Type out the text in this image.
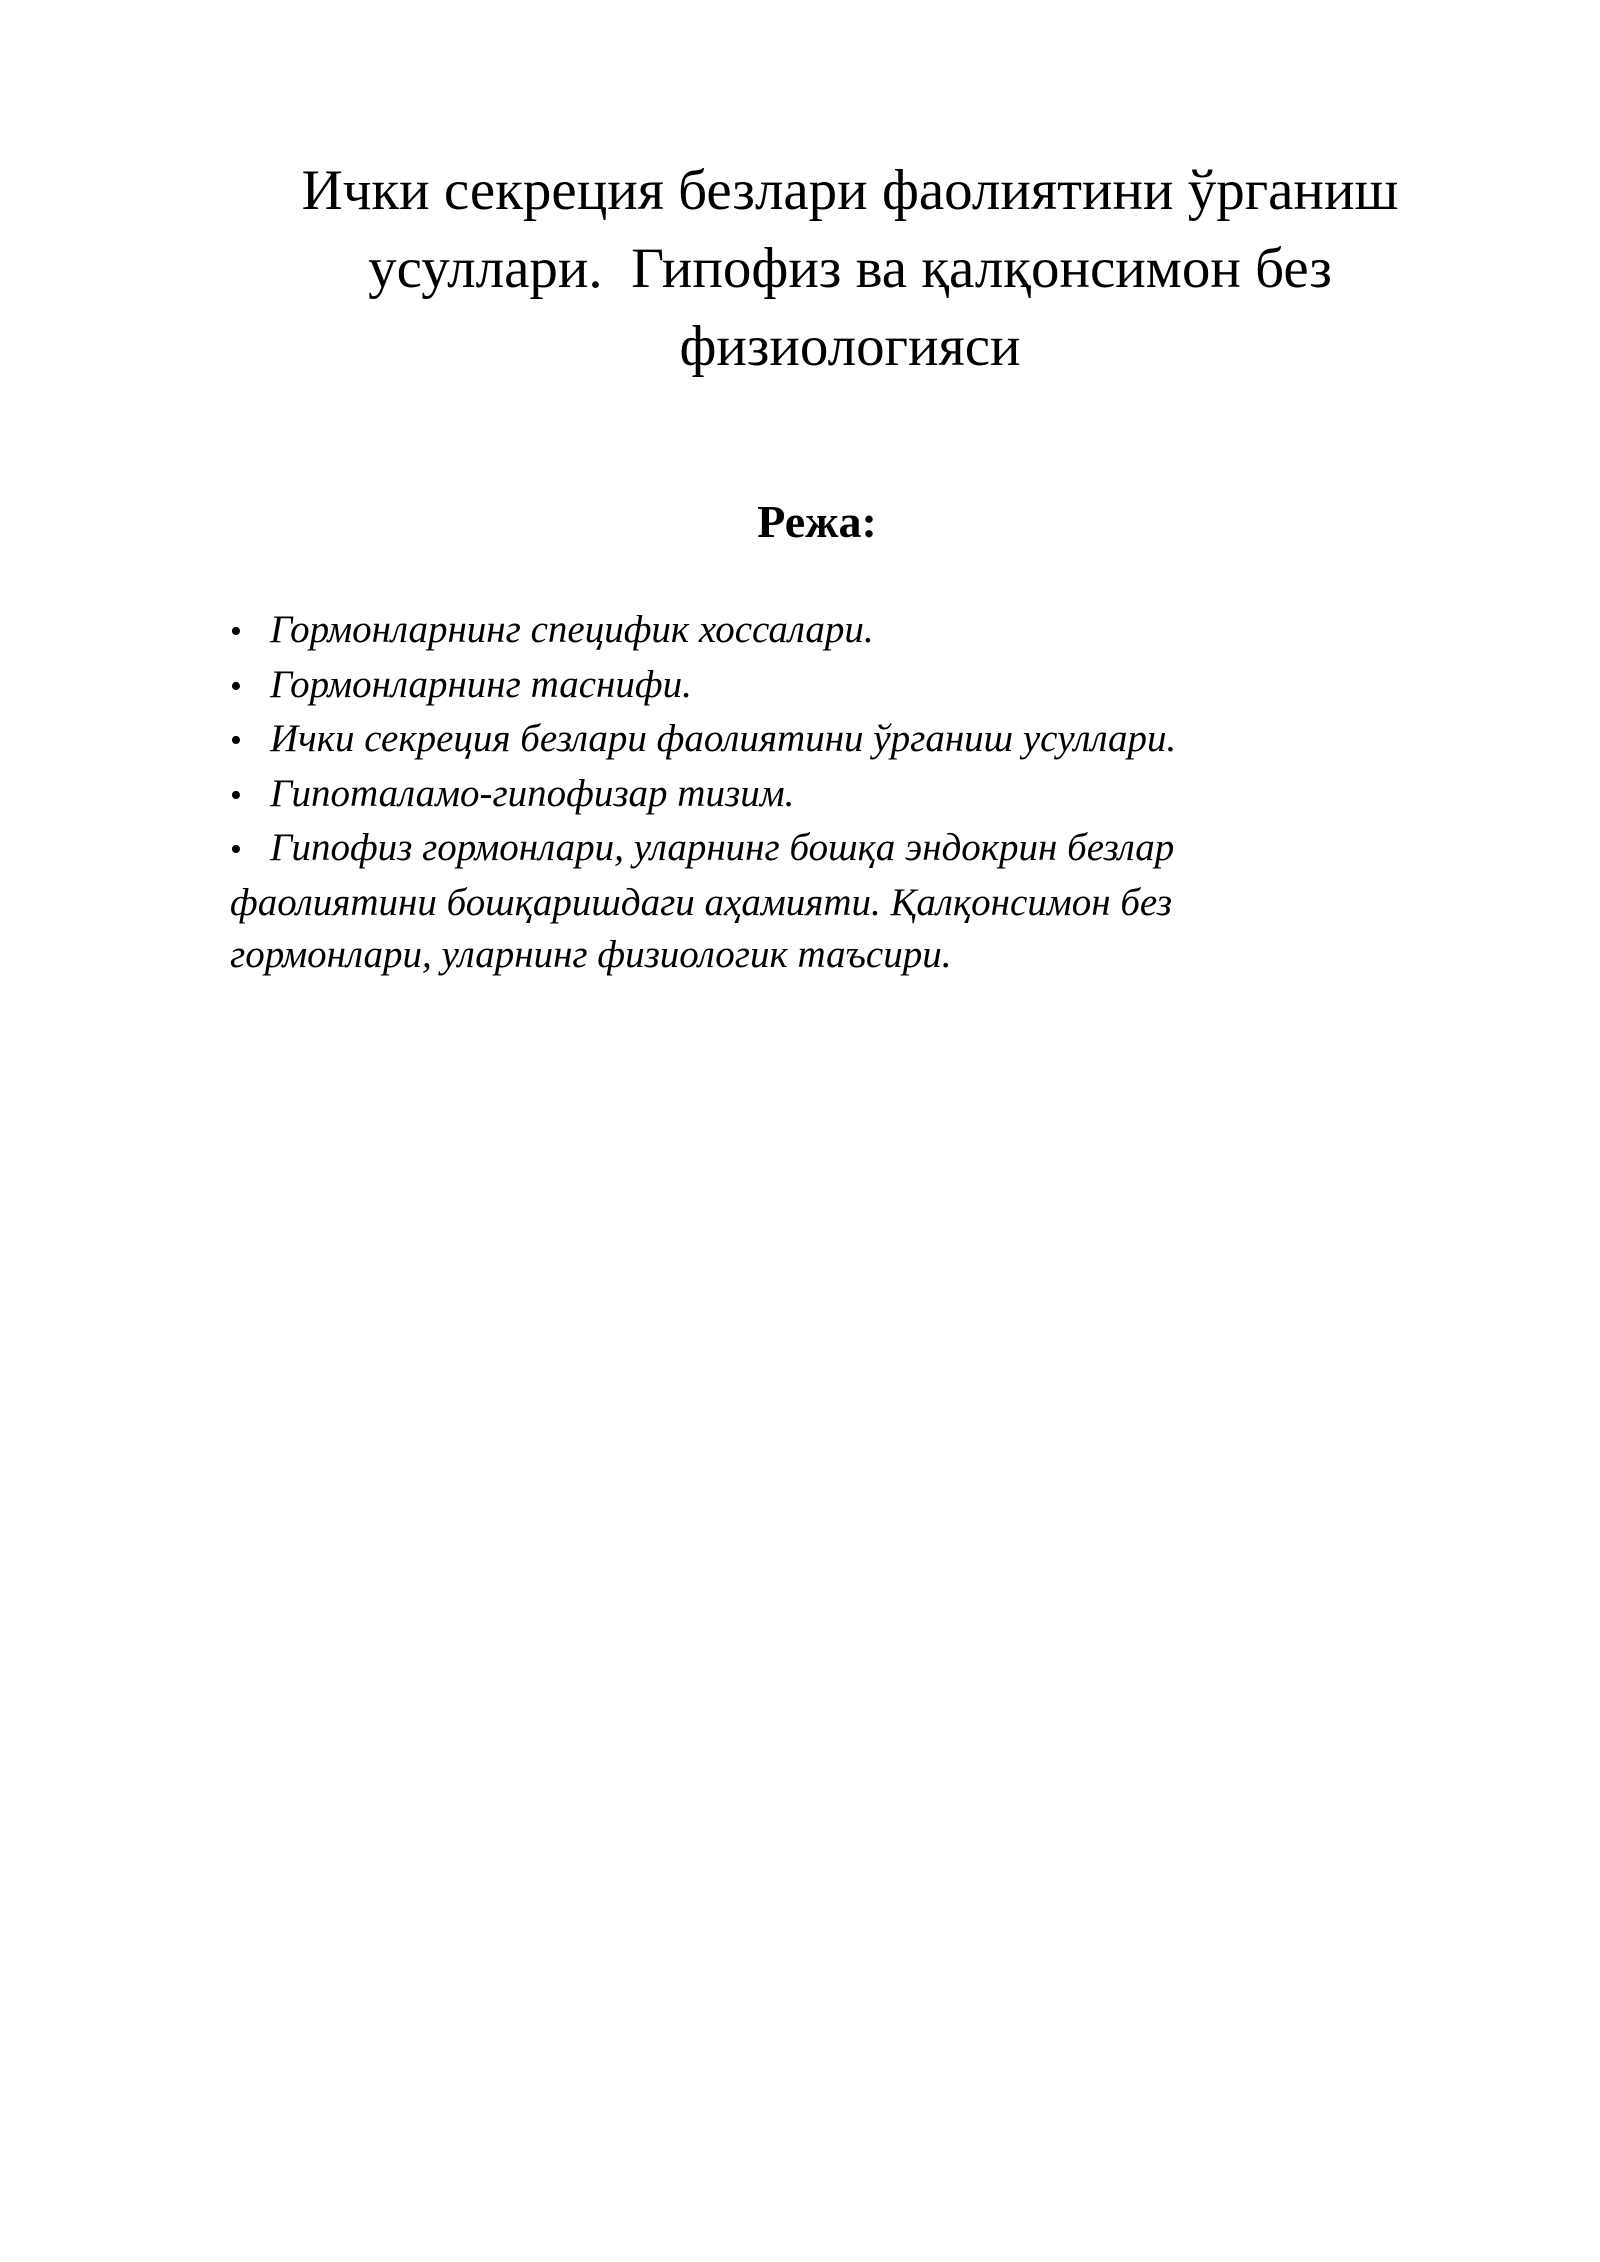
Ички секреция безлари фаолиятини ўрганиш
усуллари.  Гипофиз ва қалқонсимон без
физиологияси
Режа:
• Гормонларнинг специфик хоссалари.
• Гормонларнинг таснифи.
• Ички секреция безлари фаолиятини ўрганиш усуллари.
• Гипоталамо-гипофизар тизим.
• Гипофиз гормонлари, уларнинг бошқа эндокрин безлар
фаолиятини бошқаришдаги аҳамияти. Қалқонсимон без
гормонлари, уларнинг физиологик таъсири.
